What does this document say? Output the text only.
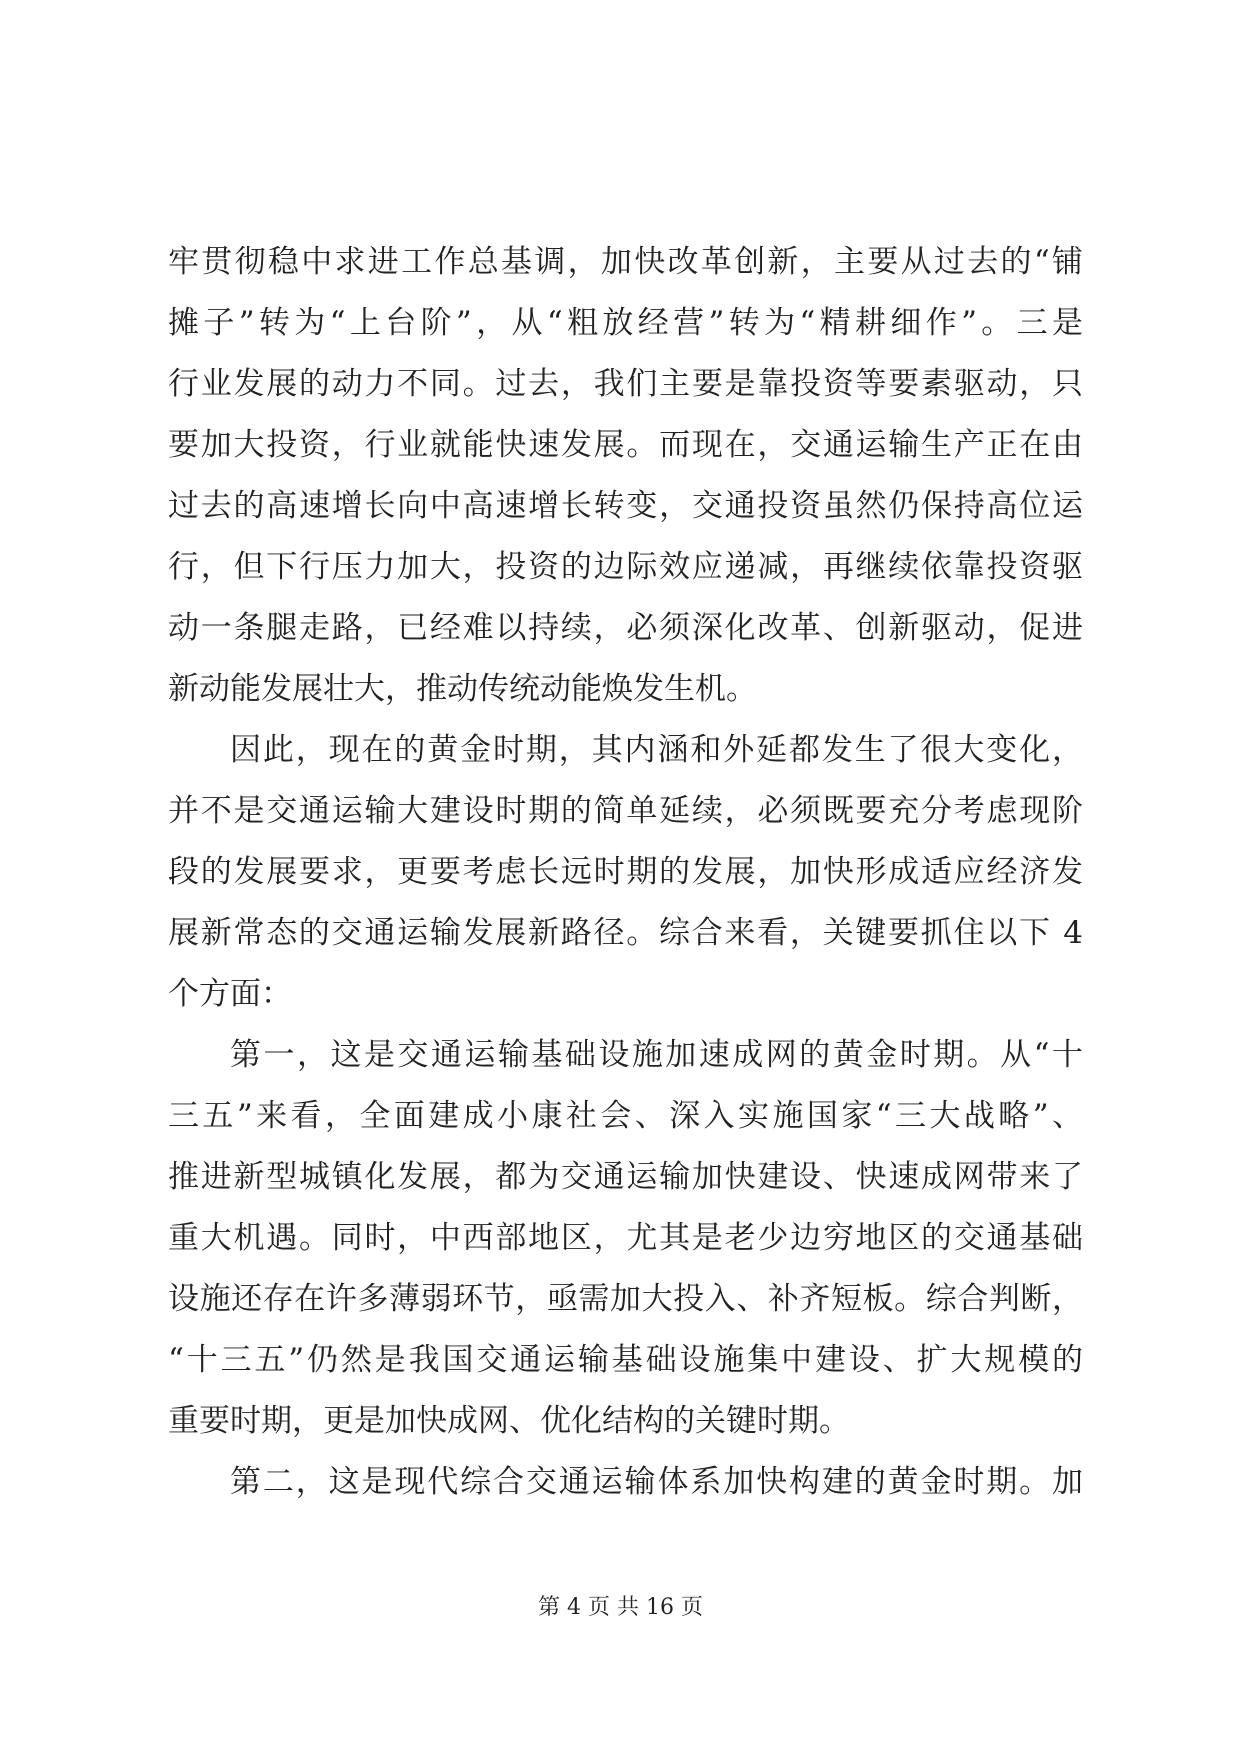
牢贯彻稳中求进工作总基调，加快改革创新，主要从过去的“铺
摊子”转为“上台阶”，从“粗放经营”转为“精耕细作”。三是
行业发展的动力不同。过去，我们主要是靠投资等要素驱动，只
要加大投资，行业就能快速发展。而现在，交通运输生产正在由
过去的高速增长向中高速增长转变，交通投资虽然仍保持高位运
行，但下行压力加大，投资的边际效应递减，再继续依靠投资驱
动一条腿走路，已经难以持续，必须深化改革、创新驱动，促进
新动能发展壮大，推动传统动能焕发生机。
因此，现在的黄金时期，其内涵和外延都发生了很大变化，
并不是交通运输大建设时期的简单延续，必须既要充分考虑现阶
段的发展要求，更要考虑长远时期的发展，加快形成适应经济发
展新常态的交通运输发展新路径。综合来看，关键要抓住以下 4
个方面：
第一，这是交通运输基础设施加速成网的黄金时期。从“十
三五”来看，全面建成小康社会、深入实施国家“三大战略”、
推进新型城镇化发展，都为交通运输加快建设、快速成网带来了
重大机遇。同时，中西部地区，尤其是老少边穷地区的交通基础
设施还存在许多薄弱环节，亟需加大投入、补齐短板。综合判断，
“十三五”仍然是我国交通运输基础设施集中建设、扩大规模的
重要时期，更是加快成网、优化结构的关键时期。
第二，这是现代综合交通运输体系加快构建的黄金时期。加
第 4 页 共 16 页
